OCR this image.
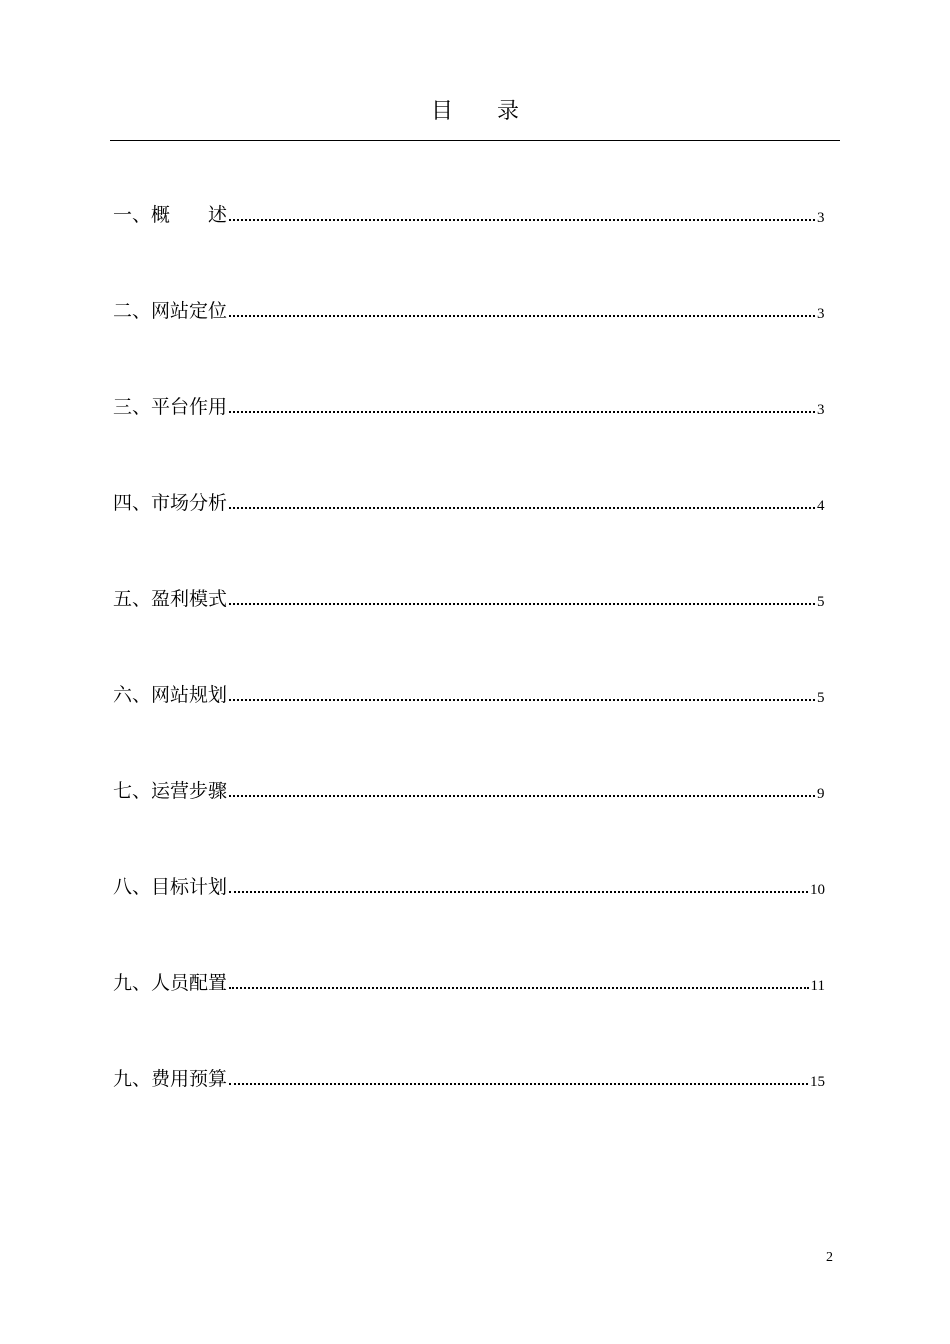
目　　录
一、概　　述	3
二、网站定位	3
三、平台作用	3
四、市场分析	4
五、盈利模式	5
六、网站规划	5
七、运营步骤	9
八、目标计划	10
九、人员配置	11
九、费用预算	15
2
